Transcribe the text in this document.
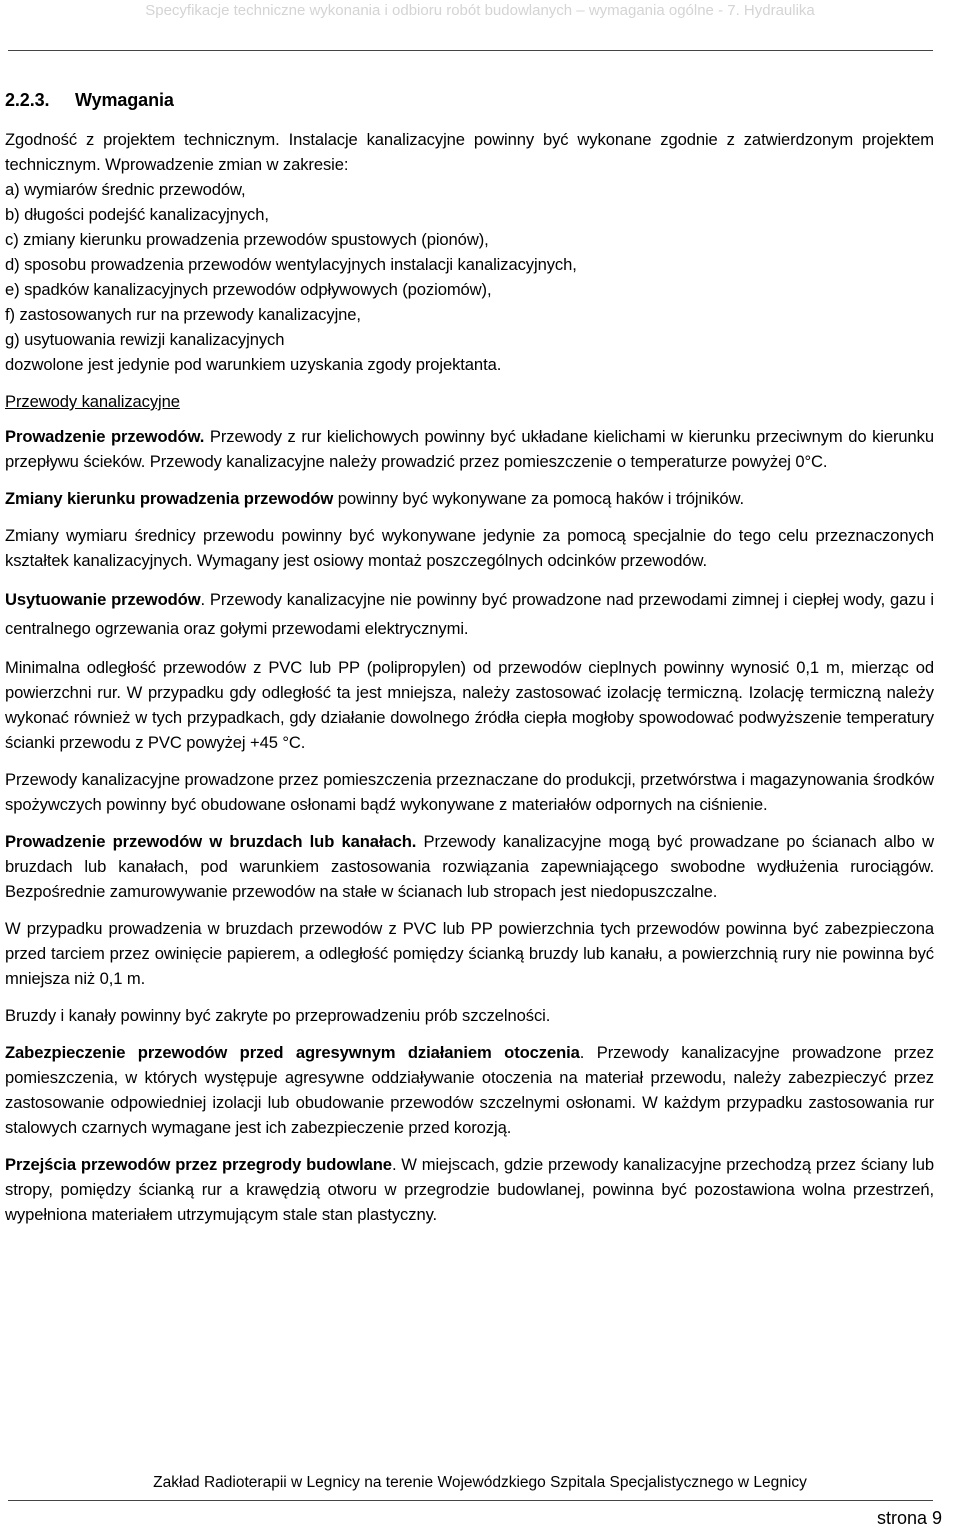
Specyfikacje techniczne wykonania i odbioru robót budowlanych – wymagania ogólne - 7. Hydraulika
2.2.3. Wymagania

Zgodność z projektem technicznym. Instalacje kanalizacyjne powinny być wykonane zgodnie z zatwierdzonym projektem technicznym. Wprowadzenie zmian w zakresie:

a) wymiarów średnic przewodów,
b) długości podejść kanalizacyjnych,
c) zmiany kierunku prowadzenia przewodów spustowych (pionów),
d) sposobu prowadzenia przewodów wentylacyjnych instalacji kanalizacyjnych,
e) spadków kanalizacyjnych przewodów odpływowych (poziomów),
f) zastosowanych rur na przewody kanalizacyjne,
g) usytuowania rewizji kanalizacyjnych

dozwolone jest jedynie pod warunkiem uzyskania zgody projektanta.

Przewody kanalizacyjne

Prowadzenie przewodów. Przewody z rur kielichowych powinny być układane kielichami w kierunku przeciwnym do kierunku przepływu ścieków. Przewody kanalizacyjne należy prowadzić przez pomieszczenie o temperaturze powyżej 0°C.

Zmiany kierunku prowadzenia przewodów powinny być wykonywane za pomocą haków i trójników.

Zmiany wymiaru średnicy przewodu powinny być wykonywane jedynie za pomocą specjalnie do tego celu przeznaczonych kształtek kanalizacyjnych. Wymagany jest osiowy montaż poszczególnych odcinków przewodów.

Usytuowanie przewodów. Przewody kanalizacyjne nie powinny być prowadzone nad przewodami zimnej i ciepłej wody, gazu i centralnego ogrzewania oraz gołymi przewodami elektrycznymi.

Minimalna odległość przewodów z PVC lub PP (polipropylen) od przewodów cieplnych powinny wynosić 0,1 m, mierząc od powierzchni rur. W przypadku gdy odległość ta jest mniejsza, należy zastosować izolację termiczną. Izolację termiczną należy wykonać również w tych przypadkach, gdy działanie dowolnego źródła ciepła mogłoby spowodować podwyższenie temperatury ścianki przewodu z PVC powyżej +45 °C.

Przewody kanalizacyjne prowadzone przez pomieszczenia przeznaczane do produkcji, przetwórstwa i magazynowania środków spożywczych powinny być obudowane osłonami bądź wykonywane z materiałów odpornych na ciśnienie.

Prowadzenie przewodów w bruzdach lub kanałach. Przewody kanalizacyjne mogą być prowadzane po ścianach albo w bruzdach lub kanałach, pod warunkiem zastosowania rozwiązania zapewniającego swobodne wydłużenia rurociągów. Bezpośrednie zamurowywanie przewodów na stałe w ścianach lub stropach jest niedopuszczalne.

W przypadku prowadzenia w bruzdach przewodów z PVC lub PP powierzchnia tych przewodów powinna być zabezpieczona przed tarciem przez owinięcie papierem, a odległość pomiędzy ścianką bruzdy lub kanału, a powierzchnią rury nie powinna być mniejsza niż 0,1 m.

Bruzdy i kanały powinny być zakryte po przeprowadzeniu prób szczelności.

Zabezpieczenie przewodów przed agresywnym działaniem otoczenia. Przewody kanalizacyjne prowadzone przez pomieszczenia, w których występuje agresywne oddziaływanie otoczenia na materiał przewodu, należy zabezpieczyć przez zastosowanie odpowiedniej izolacji lub obudowanie przewodów szczelnymi osłonami. W każdym przypadku zastosowania rur stalowych czarnych wymagane jest ich zabezpieczenie przed korozją.

Przejścia przewodów przez przegrody budowlane. W miejscach, gdzie przewody kanalizacyjne przechodzą przez ściany lub stropy, pomiędzy ścianką rur a krawędzią otworu w przegrodzie budowlanej, powinna być pozostawiona wolna przestrzeń, wypełniona materiałem utrzymującym stale stan plastyczny.

Zakład Radioterapii w Legnicy na terenie Wojewódzkiego Szpitala Specjalistycznego w Legnicy
strona 9
